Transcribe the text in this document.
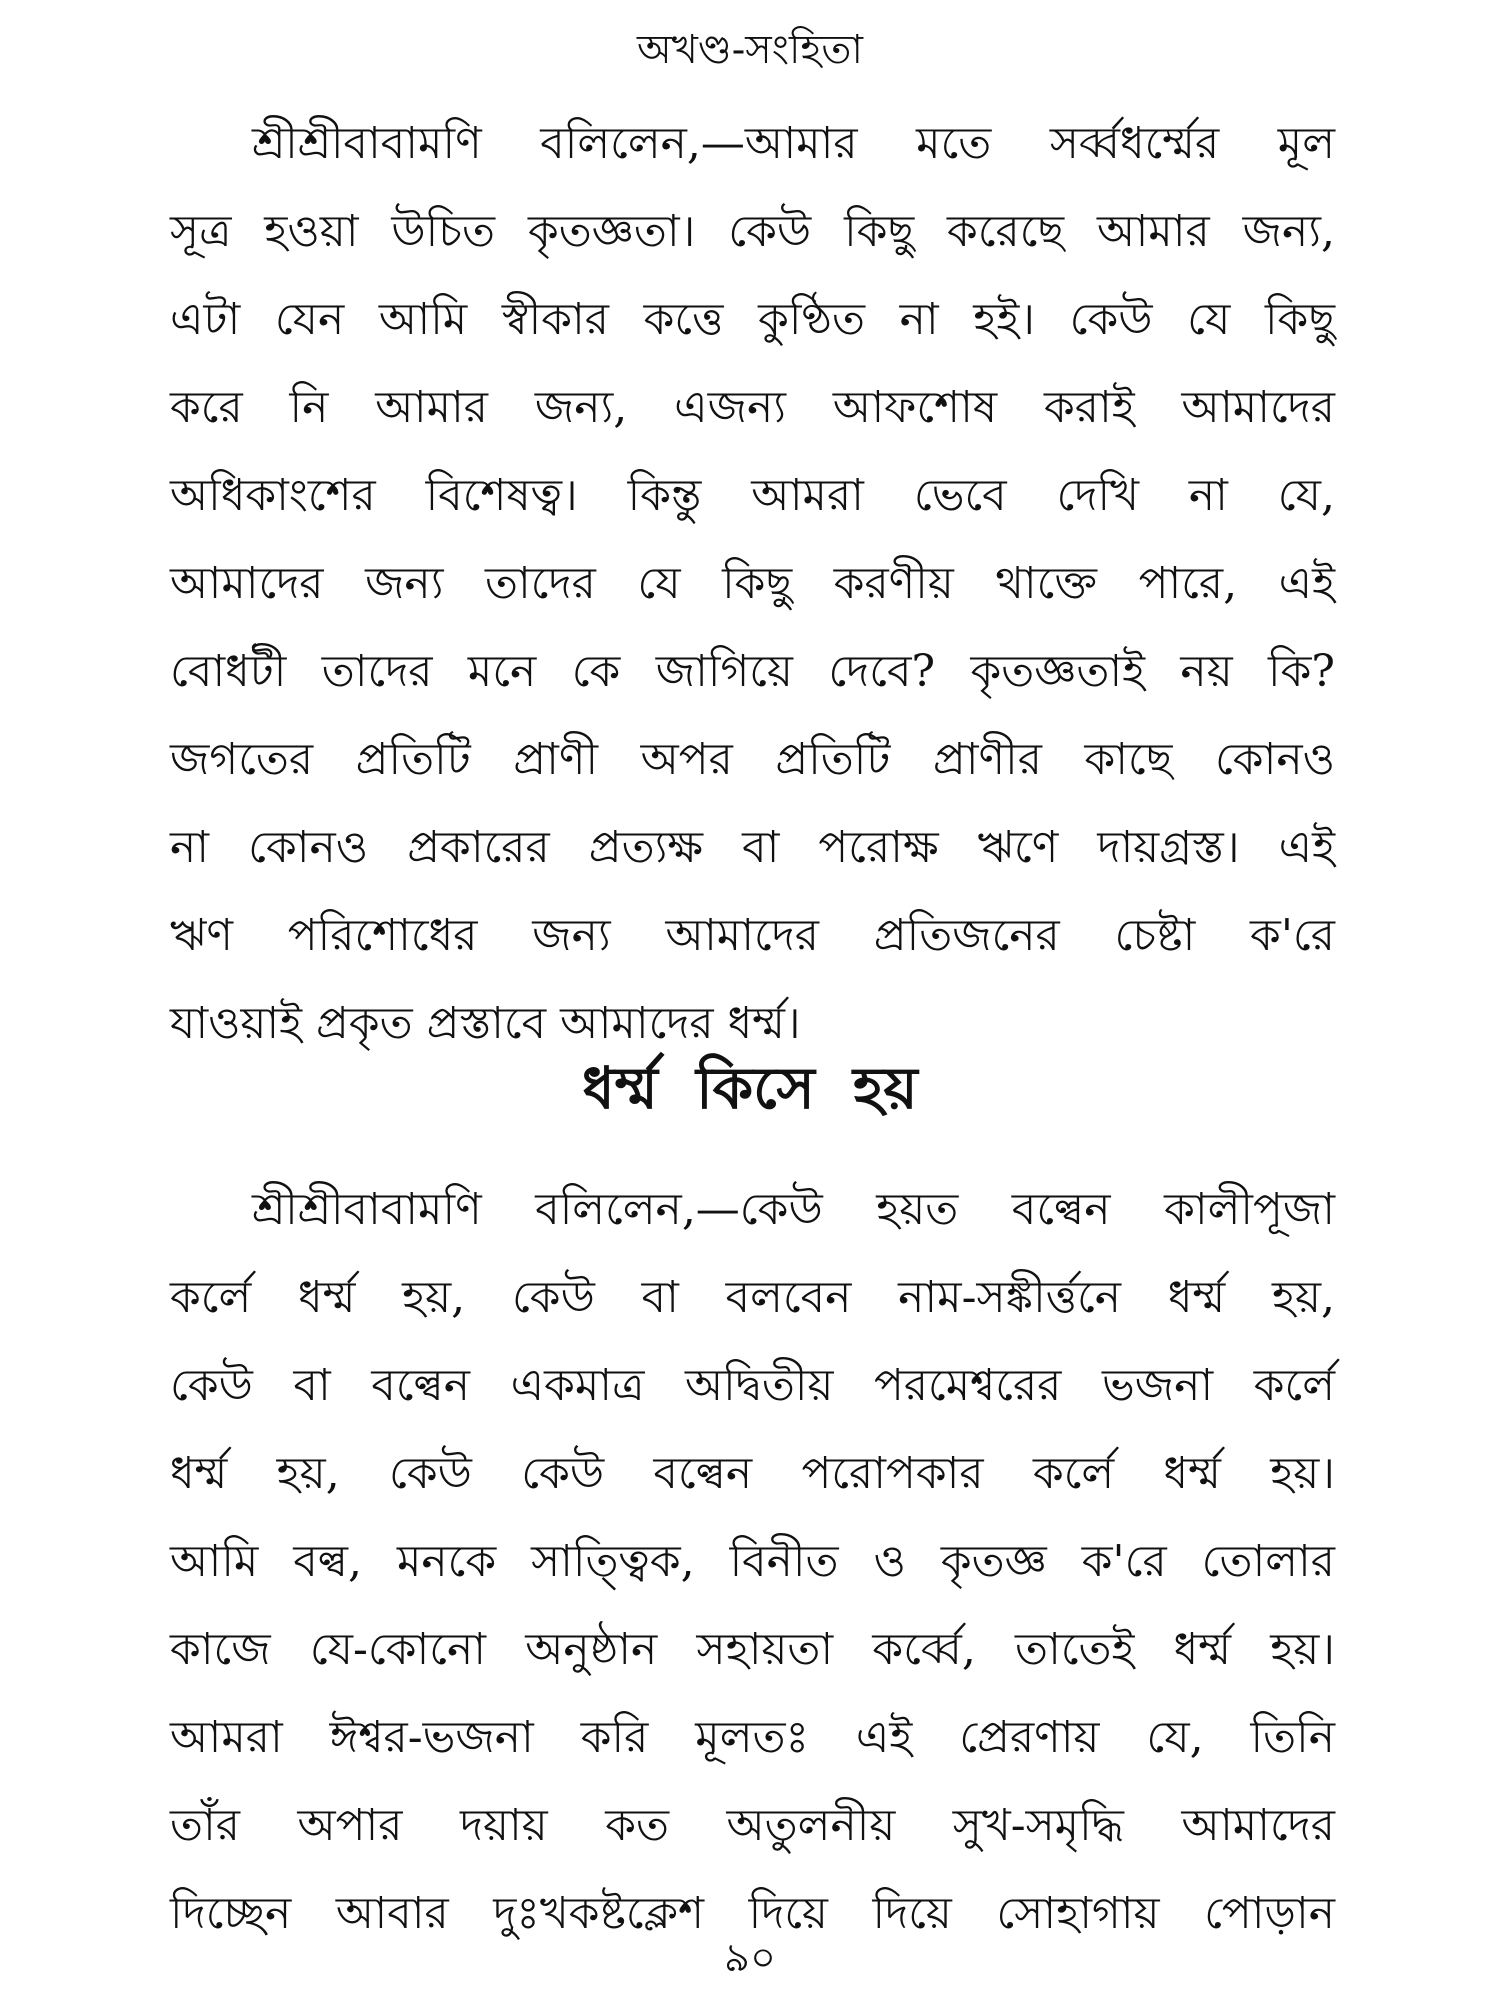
অখণ্ড-সংহিতা
শ্রীশ্রীবাবামণি বলিলেন,—আমার মতে সর্ব্বধর্ম্মের মূল
সূত্র হওয়া উচিত কৃতজ্ঞতা। কেউ কিছু করেছে আমার জন্য,
এটা যেন আমি স্বীকার কত্তে কুণ্ঠিত না হই। কেউ যে কিছু
করে নি আমার জন্য, এজন্য আফশোষ করাই আমাদের
অধিকাংশের বিশেষত্ব। কিন্তু আমরা ভেবে দেখি না যে,
আমাদের জন্য তাদের যে কিছু করণীয় থাক্তে পারে, এই
বোধটী তাদের মনে কে জাগিয়ে দেবে? কৃতজ্ঞতাই নয় কি?
জগতের প্রতিটি প্রাণী অপর প্রতিটি প্রাণীর কাছে কোনও
না কোনও প্রকারের প্রত্যক্ষ বা পরোক্ষ ঋণে দায়গ্রস্ত। এই
ঋণ পরিশোধের জন্য আমাদের প্রতিজনের চেষ্টা ক'রে
যাওয়াই প্রকৃত প্রস্তাবে আমাদের ধর্ম্ম।
ধর্ম্ম কিসে হয়
শ্রীশ্রীবাবামণি বলিলেন,—কেউ হয়ত বল্বেন কালীপূজা
কর্লে ধর্ম্ম হয়, কেউ বা বলবেন নাম-সঙ্কীর্ত্তনে ধর্ম্ম হয়,
কেউ বা বল্বেন একমাত্র অদ্বিতীয় পরমেশ্বরের ভজনা কর্লে
ধর্ম্ম হয়, কেউ কেউ বল্বেন পরোপকার কর্লে ধর্ম্ম হয়।
আমি বল্ব, মনকে সাত্ত্বিক, বিনীত ও কৃতজ্ঞ ক'রে তোলার
কাজে যে-কোনো অনুষ্ঠান সহায়তা কর্ব্বে, তাতেই ধর্ম্ম হয়।
আমরা ঈশ্বর-ভজনা করি মূলতঃ এই প্রেরণায় যে, তিনি
তাঁর অপার দয়ায় কত অতুলনীয় সুখ-সমৃদ্ধি আমাদের
দিচ্ছেন আবার দুঃখকষ্টক্লেশ দিয়ে দিয়ে সোহাগায় পোড়ান
৯০
